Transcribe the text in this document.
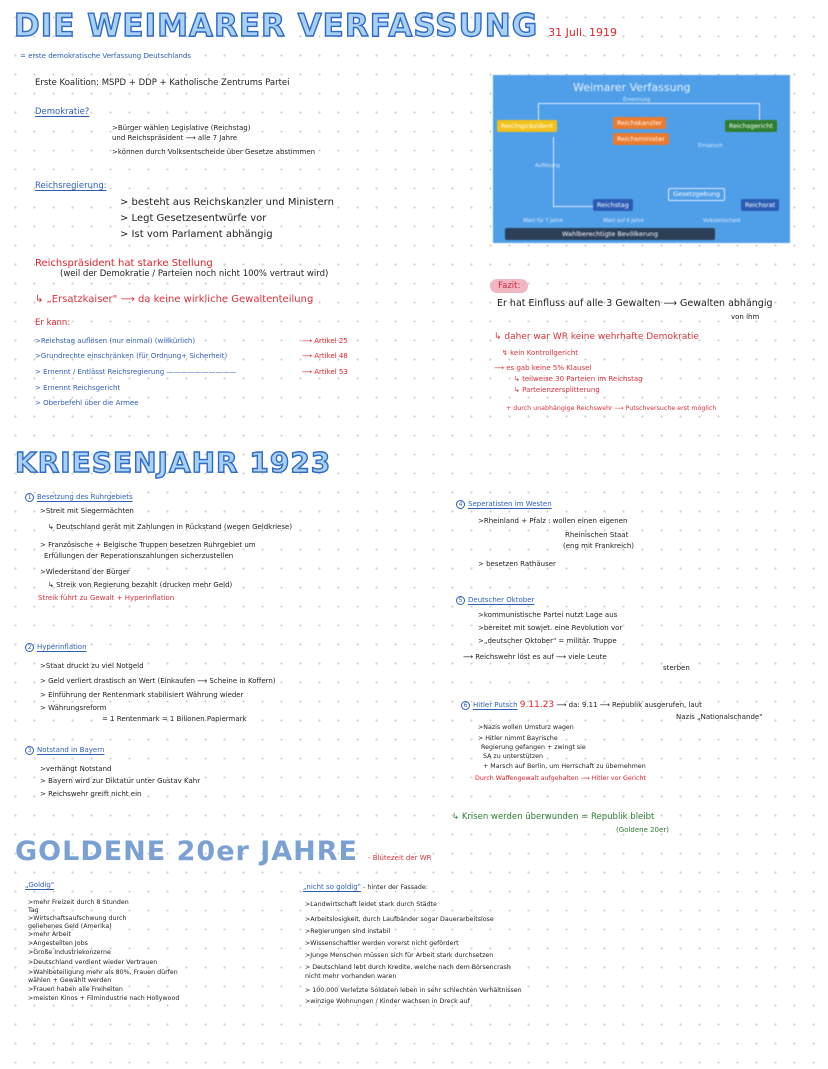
DIE WEIMARER VERFASSUNG 31 Juli. 1919
= erste demokratische Verfassung Deutschlands
Erste Koalition: MSPD + DDP + Katholische Zentrums Partei
Demokratie?
>Bürger wählen Legislative (Reichstag)
und Reichspräsident ⟶ alle 7 Jahre
>können durch Volksentscheide über Gesetze abstimmen
Reichsregierung:
> besteht aus Reichskanzler und Ministern
> Legt Gesetzesentwürfe vor
> Ist vom Parlament abhängig
Reichspräsident hat starke Stellung
(weil der Demokratie / Parteien noch nicht 100% vertraut wird)
↳ „Ersatzkaiser" ⟶ da keine wirkliche Gewaltenteilung
Er kann:
>Reichstag auflösen (nur einmal) (willkürlich)	⟶ Artikel 25
>Grundrechte einschränken (für Ordnung+ Sicherheit)	⟶ Artikel 48
> Ernennt / Entlässt Reichsregierung ——————————	⟶ Artikel 53
> Ernennt Reichsgericht
> Oberbefehl über die Armee
Weimarer Verfassung
Ernennung
Reichspräsident	Reichskanzler
Reichsminister
Reichsgericht
Auflösung
Einspruch
Reichstag
Gesetzgebung
Reichsrat
Wahl für 7 Jahre	Wahl auf 4 Jahre	Volksentscheid
Wahlberechtigte Bevölkerung
Fazit:
Er hat Einfluss auf alle 3 Gewalten ⟶ Gewalten abhängig
von ihm
↳ daher war WR keine wehrhafte Demokratie
↯ kein Kontrollgericht
⟶ es gab keine 5% Klausel
↳ teilweise 30 Parteien im Reichstag
↳ Parteienzersplitterung
+ durch unabhängige Reichswehr ⟶ Putschversuche erst möglich
KRIESENJAHR 1923
1 Besetzung des Ruhrgebiets
>Streit mit Siegermächten
↳ Deutschland gerät mit Zahlungen in Rückstand (wegen Geldkriese)
> Französische + Belgische Truppen besetzen Ruhrgebiet um
Erfüllungen der Reperationszahlungen sicherzustellen
>Wiederstand der Bürger
↳ Streik von Regierung bezahlt (drucken mehr Geld)
Streik führt zu Gewalt + Hyperinflation
2 Hyperinflation
>Staat druckt zu viel Notgeld
> Geld verliert drastisch an Wert (Einkaufen ⟶ Scheine in Koffern)
> Einführung der Rentenmark stabilisiert Währung wieder
> Währungsreform
= 1 Rentenmark = 1 Bilionen Papiermark
3 Notstand in Bayern
>verhängt Notstand
> Bayern wird zur Diktatur unter Gustav Kahr
> Reichswehr greift nicht ein
4 Seperatisten im Westen
>Rheinland + Pfalz : wollen einen eigenen
Rheinischen Staat
(eng mit Frankreich)
> besetzen Rathäuser
5 Deutscher Oktober
>kommunistische Partei nutzt Lage aus
>bereitet mit sowjet. eine Revolution vor
>„deutscher Oktober" = militär. Truppe
⟶ Reichswehr löst es auf ⟶ viele Leute
sterben
6 Hitler Putsch 9.11.23 ⟶ da: 9.11 ⟶ Republik ausgerufen, laut
Nazis „Nationalschande"
>Nazis wollen Umsturz wagen
> Hitler nimmt Bayrische
Regierung gefangen + zwingt sie
SA zu unterstützen
+ Marsch auf Berlin, um Herrschaft zu übernehmen
Durch Waffengewalt aufgehalten ⟶ Hitler vor Gericht
↳ Krisen werden überwunden = Republik bleibt
(Goldene 20er)
GOLDENE 20er JAHRE - Blütezeit der WR
„Goldig"
>mehr Freizeit durch 8 Stunden
Tag
>Wirtschaftsaufschwung durch
geliehenes Geld (Amerika)
>mehr Arbeit
>Angestellten Jobs
>Große Industriekonzerne
>Deutschland verdient wieder Vertrauen
>Wahlbeteiligung mehr als 80%, Frauen dürfen
wählen + Gewählt werden
>Frauen haben alle Freiheiten
>meisten Kinos + Filmindustrie nach Hollywood
„nicht so goldig" - hinter der Fassade:
>Landwirtschaft leidet stark durch Städte
>Arbeitslosigkeit, durch Laufbänder sogar Dauerarbeitslose
>Regierungen sind instabil
>Wissenschaftler werden vorerst nicht gefördert
>Junge Menschen müssen sich für Arbeit stark durchsetzen
> Deutschland lebt durch Kredite, welche nach dem Börsencrash
nicht mehr vorhanden waren
> 100.000 Verletzte Soldaten leben in sehr schlechten Verhältnissen
>winzige Wohnungen / Kinder wachsen in Dreck auf
